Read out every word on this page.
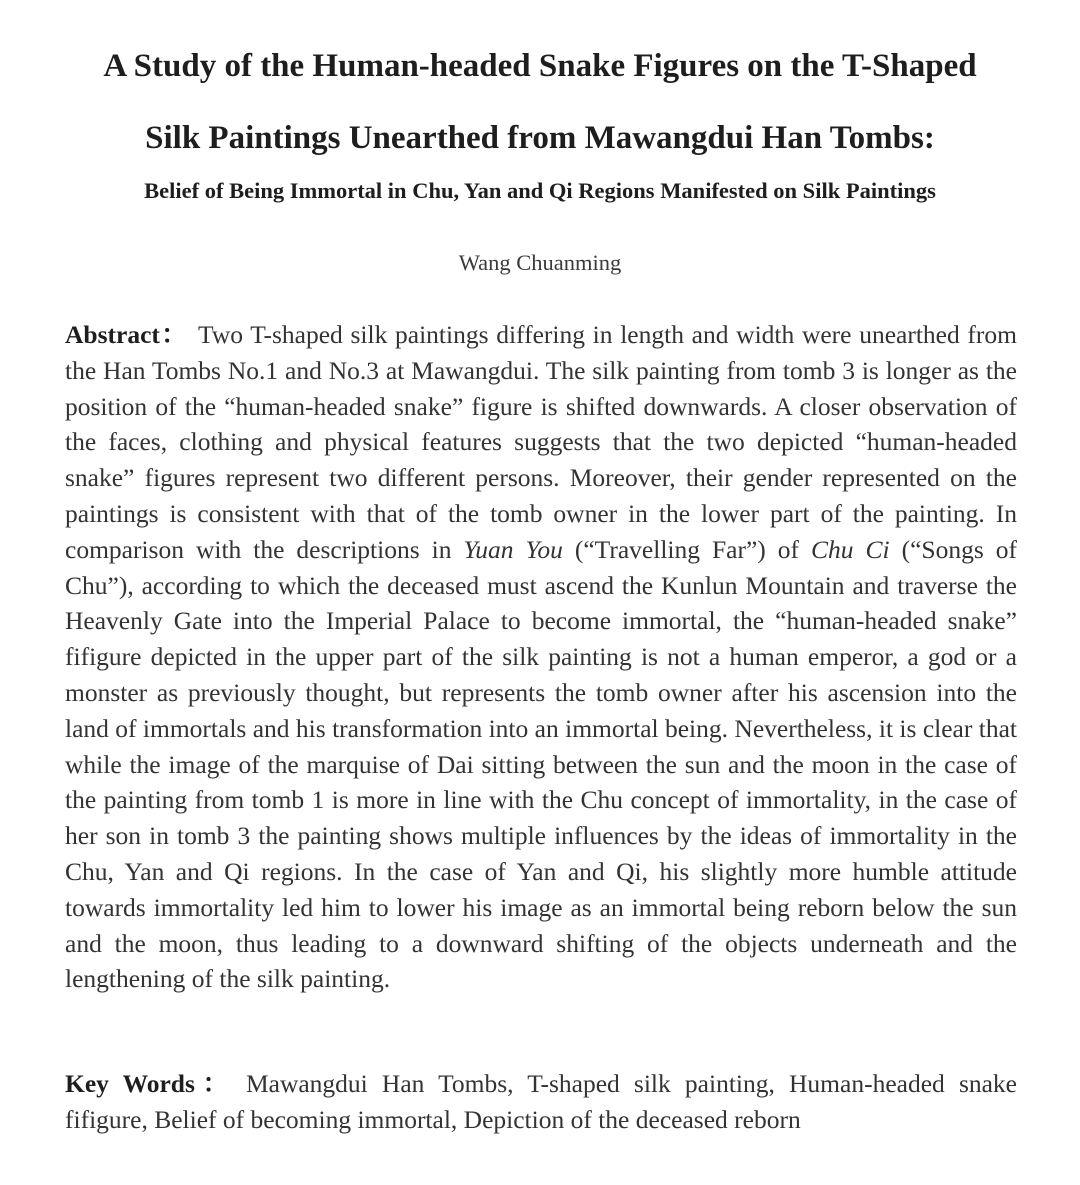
A Study of the Human-headed Snake Figures on the T-Shaped
Silk Paintings Unearthed from Mawangdui Han Tombs:
Belief of Being Immortal in Chu, Yan and Qi Regions Manifested on Silk Paintings
Wang Chuanming
Abstract： Two T-shaped silk paintings differing in length and width were unearthed from the Han Tombs No.1 and No.3 at Mawangdui. The silk painting from tomb 3 is longer as the position of the “human-headed snake” figure is shifted downwards. A closer observation of the faces, clothing and physical features suggests that the two depicted “human-headed snake” figures represent two different persons. Moreover, their gender represented on the paintings is consistent with that of the tomb owner in the lower part of the painting. In comparison with the descriptions in Yuan You (“Travelling Far”) of Chu Ci (“Songs of Chu”), according to which the deceased must ascend the Kunlun Mountain and traverse the Heavenly Gate into the Imperial Palace to become immortal, the “human-headed snake” fifigure depicted in the upper part of the silk painting is not a human emperor, a god or a monster as previously thought, but represents the tomb owner after his ascension into the land of immortals and his transformation into an immortal being. Nevertheless, it is clear that while the image of the marquise of Dai sitting between the sun and the moon in the case of the painting from tomb 1 is more in line with the Chu concept of immortality, in the case of her son in tomb 3 the painting shows multiple influences by the ideas of immortality in the Chu, Yan and Qi regions. In the case of Yan and Qi, his slightly more humble attitude towards immortality led him to lower his image as an immortal being reborn below the sun and the moon, thus leading to a downward shifting of the objects underneath and the lengthening of the silk painting.
Key Words： Mawangdui Han Tombs, T-shaped silk painting, Human-headed snake fifigure, Belief of becoming immortal, Depiction of the deceased reborn
